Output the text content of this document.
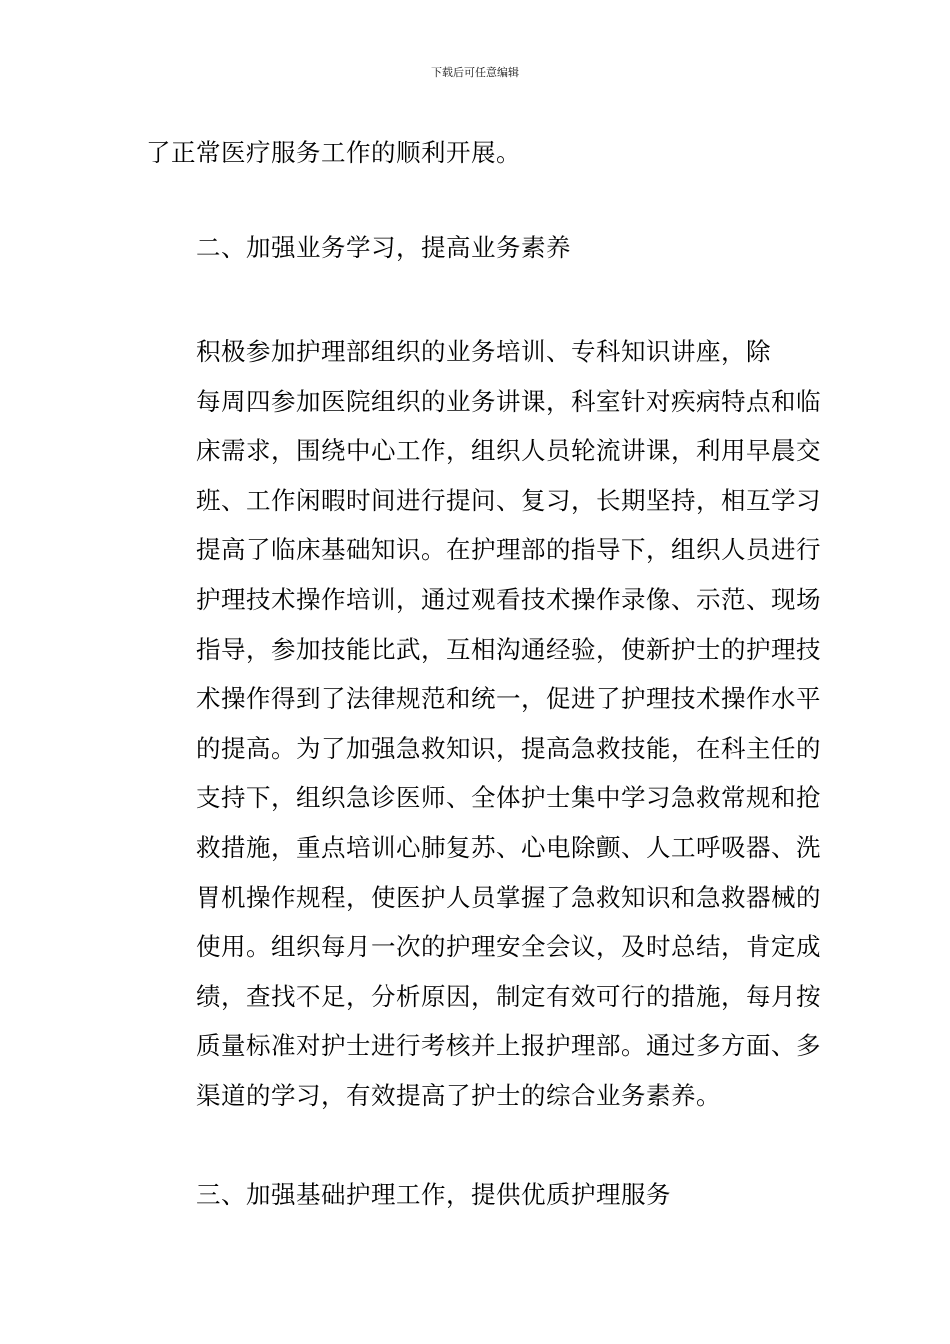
下载后可任意编辑

了正常医疗服务工作的顺利开展。

二、加强业务学习，提高业务素养

积极参加护理部组织的业务培训、专科知识讲座，除
每周四参加医院组织的业务讲课，科室针对疾病特点和临
床需求，围绕中心工作，组织人员轮流讲课，利用早晨交
班、工作闲暇时间进行提问、复习，长期坚持，相互学习
提高了临床基础知识。在护理部的指导下，组织人员进行
护理技术操作培训，通过观看技术操作录像、示范、现场
指导，参加技能比武，互相沟通经验，使新护士的护理技
术操作得到了法律规范和统一，促进了护理技术操作水平
的提高。为了加强急救知识，提高急救技能，在科主任的
支持下，组织急诊医师、全体护士集中学习急救常规和抢
救措施，重点培训心肺复苏、心电除颤、人工呼吸器、洗
胃机操作规程，使医护人员掌握了急救知识和急救器械的
使用。组织每月一次的护理安全会议，及时总结，肯定成
绩，查找不足，分析原因，制定有效可行的措施，每月按
质量标准对护士进行考核并上报护理部。通过多方面、多
渠道的学习，有效提高了护士的综合业务素养。

三、加强基础护理工作，提供优质护理服务
